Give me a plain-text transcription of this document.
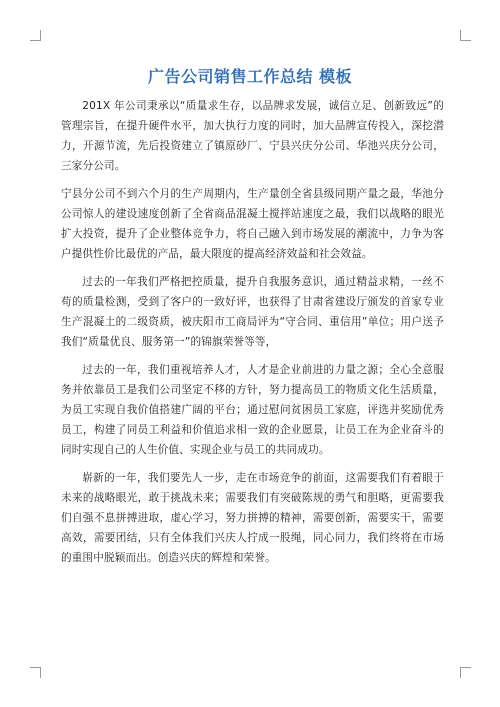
广告公司销售工作总结 模板

201X 年公司秉承以“质量求生存，以品牌求发展，诚信立足、创新致远”的管理宗旨，在提升硬件水平，加大执行力度的同时，加大品牌宣传投入，深挖潜力，开源节流，先后投资建立了镇原砂厂、宁县兴庆分公司、华池兴庆分公司，三家分公司。

宁县分公司不到六个月的生产周期内，生产量创全省县级同期产量之最，华池分公司惊人的建设速度创新了全省商品混凝土搅拌站速度之最，我们以战略的眼光扩大投资，提升了企业整体竞争力，将自己融入到市场发展的潮流中，力争为客户提供性价比最优的产品，最大限度的提高经济效益和社会效益。

过去的一年我们严格把控质量，提升自我服务意识，通过精益求精，一丝不苟的质量检测，受到了客户的一致好评，也获得了甘肃省建设厅颁发的首家专业生产混凝土的二级资质，被庆阳市工商局评为“守合同、重信用”单位；用户送予我们“质量优良、服务第一”的锦旗荣誉等等，

过去的一年，我们重视培养人才，人才是企业前进的力量之源；全心全意服务并依靠员工是我们公司坚定不移的方针，努力提高员工的物质文化生活质量，为员工实现自我价值搭建广阔的平台；通过慰问贫困员工家庭，评选并奖励优秀员工，构建了同员工利益和价值追求相一致的企业愿景，让员工在为企业奋斗的同时实现自己的人生价值、实现企业与员工的共同成功。

崭新的一年，我们要先人一步，走在市场竞争的前面，这需要我们有着眼于未来的战略眼光，敢于挑战未来；需要我们有突破陈规的勇气和胆略，更需要我们自强不息拼搏进取，虚心学习，努力拼搏的精神，需要创新，需要实干，需要高效，需要团结，只有全体我们兴庆人拧成一股绳，同心同力，我们终将在市场的重围中脱颖而出。创造兴庆的辉煌和荣誉。
